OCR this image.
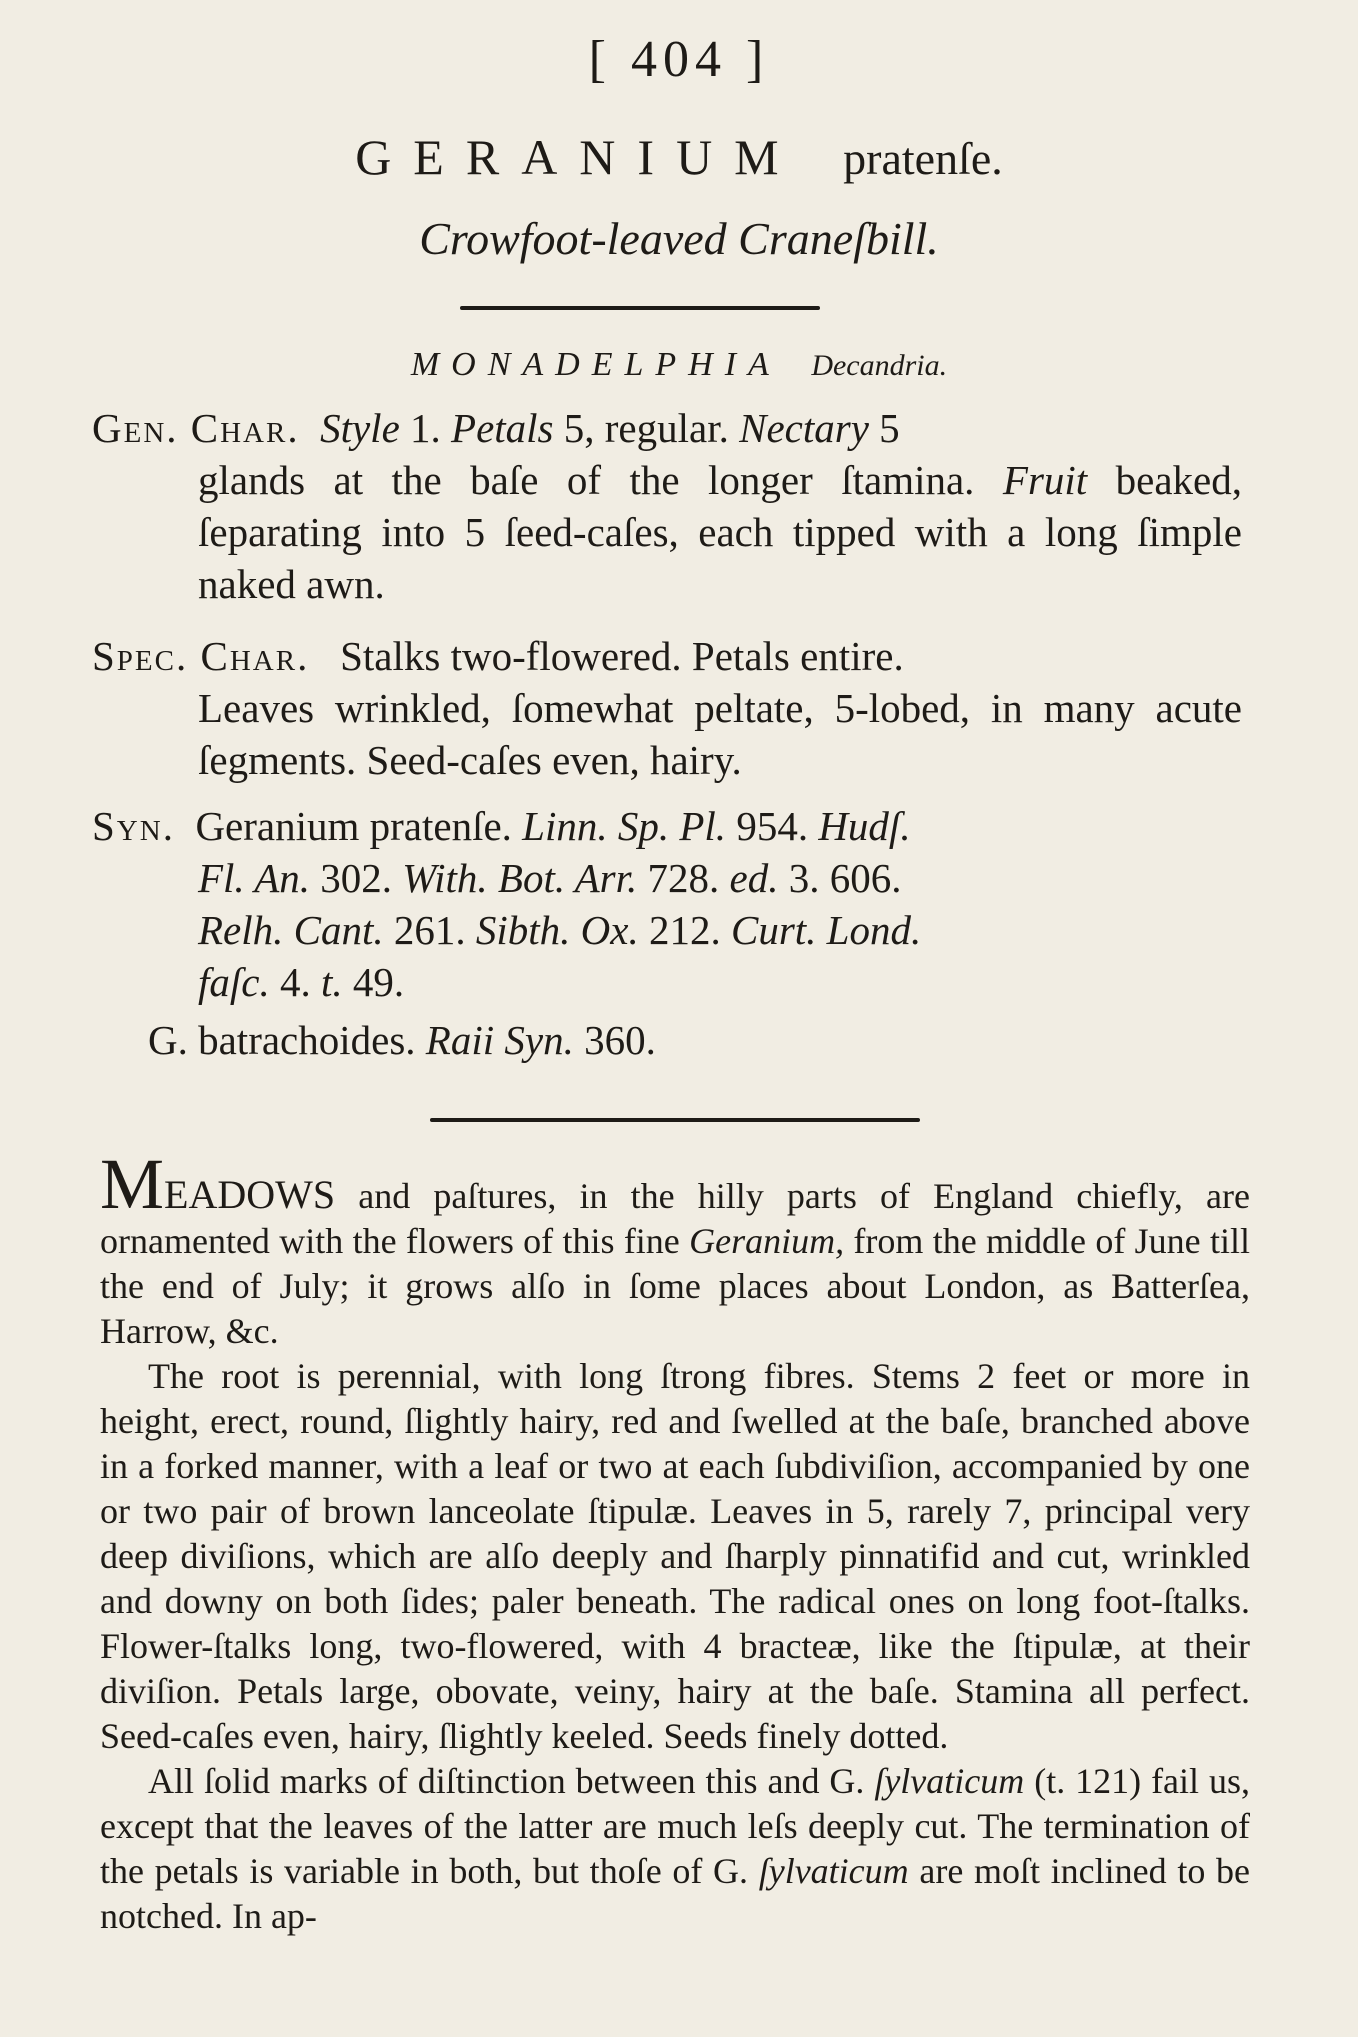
[ 404 ]
GERANIUM pratenſe.
Crowfoot-leaved Craneſbill.
MONADELPHIA Decandria.
Gen. Char. Style 1. Petals 5, regular. Nectary 5
glands at the baſe of the longer ſtamina. Fruit beaked, ſeparating into 5 ſeed-caſes, each tipped with a long ſimple naked awn.
Spec. Char. Stalks two-flowered. Petals entire.
Leaves wrinkled, ſomewhat peltate, 5-lobed, in many acute ſegments. Seed-caſes even, hairy.
Syn. Geranium pratenſe. Linn. Sp. Pl. 954. Hudſ.
Fl. An. 302. With. Bot. Arr. 728. ed. 3. 606.
Relh. Cant. 261. Sibth. Ox. 212. Curt. Lond.
faſc. 4. t. 49.
G. batrachoides. Raii Syn. 360.

MEADOWS and paſtures, in the hilly parts of England chiefly, are ornamented with the flowers of this fine Geranium, from the middle of June till the end of July; it grows alſo in ſome places about London, as Batterſea, Harrow, &c.

The root is perennial, with long ſtrong fibres. Stems 2 feet or more in height, erect, round, ſlightly hairy, red and ſwelled at the baſe, branched above in a forked manner, with a leaf or two at each ſubdiviſion, accompanied by one or two pair of brown lanceolate ſtipulæ. Leaves in 5, rarely 7, principal very deep diviſions, which are alſo deeply and ſharply pinnatifid and cut, wrinkled and downy on both ſides; paler beneath. The radical ones on long foot-ſtalks. Flower-ſtalks long, two-flowered, with 4 bracteæ, like the ſtipulæ, at their diviſion. Petals large, obovate, veiny, hairy at the baſe. Stamina all perfect. Seed-caſes even, hairy, ſlightly keeled. Seeds finely dotted.

All ſolid marks of diſtinction between this and G. ſylvaticum (t. 121) fail us, except that the leaves of the latter are much leſs deeply cut. The termination of the petals is variable in both, but thoſe of G. ſylvaticum are moſt inclined to be notched. In ap-
